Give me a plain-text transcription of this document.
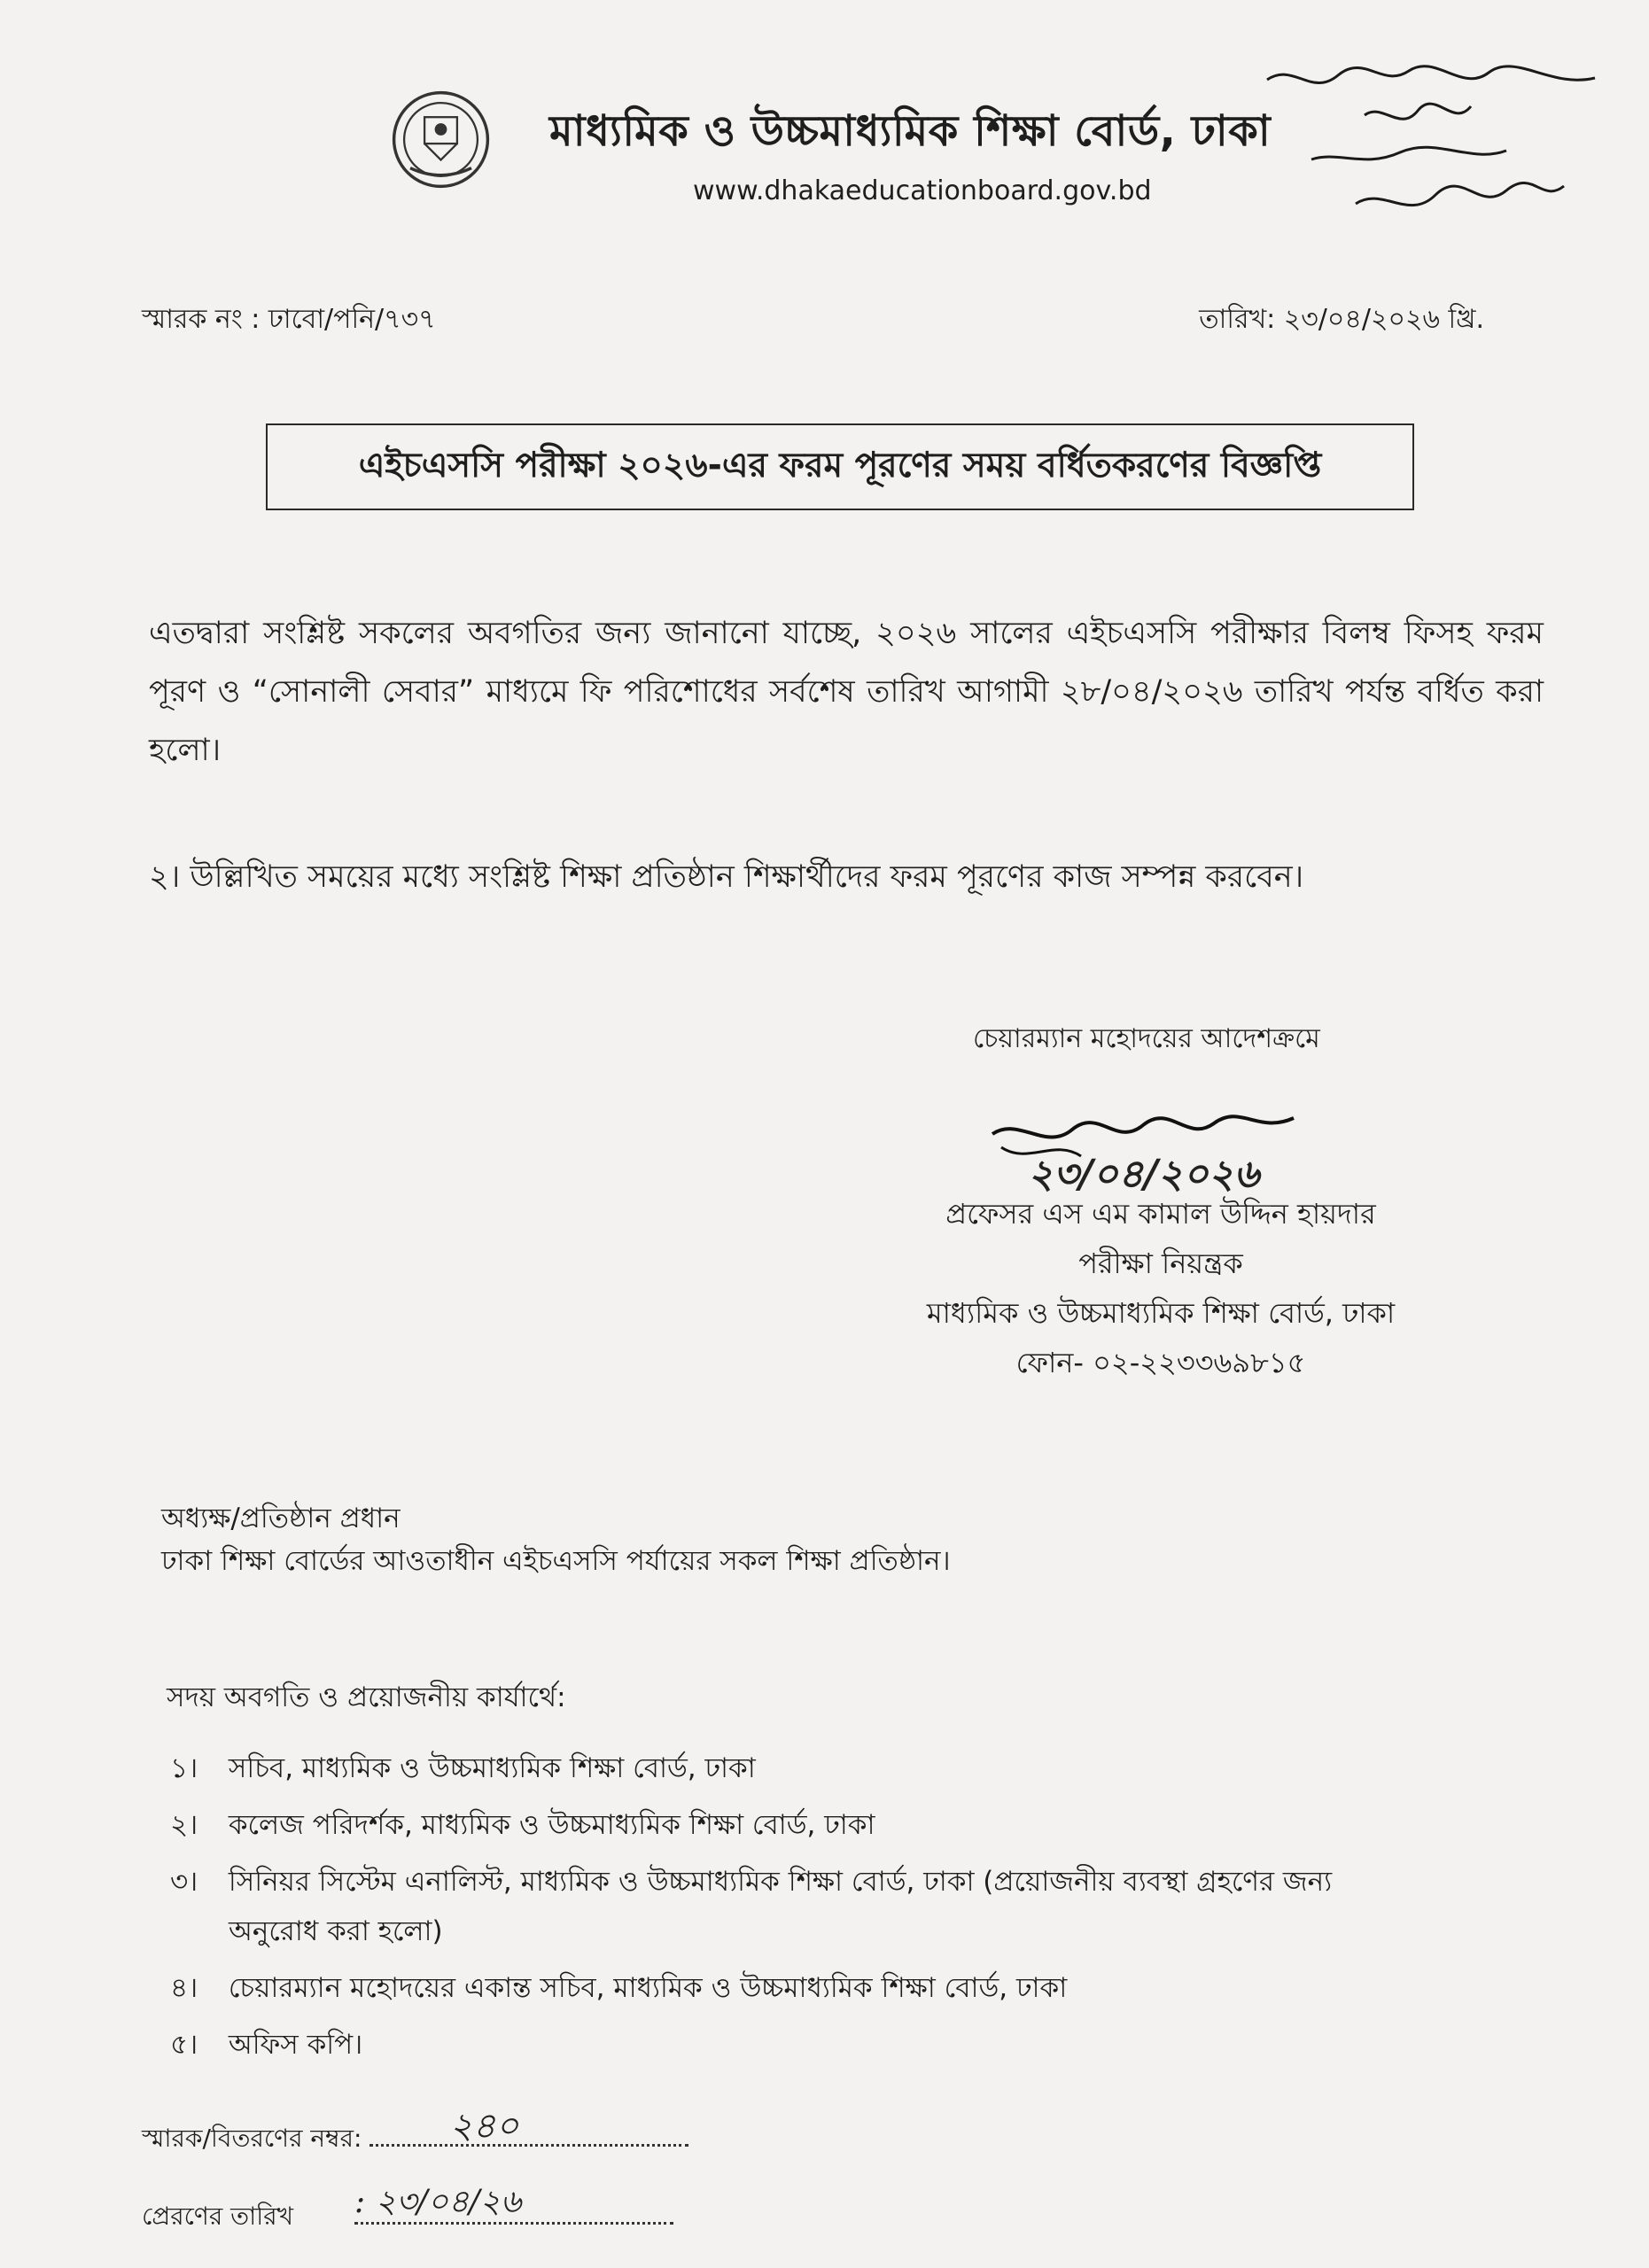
মাধ্যমিক ও উচ্চমাধ্যমিক শিক্ষা বোর্ড, ঢাকা
www.dhakaeducationboard.gov.bd
স্মারক নং : ঢাবো/পনি/৭৩৭	তারিখ: ২৩/০৪/২০২৬ খ্রি.
এইচএসসি পরীক্ষা ২০২৬-এর ফরম পূরণের সময় বর্ধিতকরণের বিজ্ঞপ্তি
এতদ্বারা সংশ্লিষ্ট সকলের অবগতির জন্য জানানো যাচ্ছে, ২০২৬ সালের এইচএসসি পরীক্ষার বিলম্ব ফিসহ ফরম পূরণ ও “সোনালী সেবার” মাধ্যমে ফি পরিশোধের সর্বশেষ তারিখ আগামী ২৮/০৪/২০২৬ তারিখ পর্যন্ত বর্ধিত করা হলো।
২। উল্লিখিত সময়ের মধ্যে সংশ্লিষ্ট শিক্ষা প্রতিষ্ঠান শিক্ষার্থীদের ফরম পূরণের কাজ সম্পন্ন করবেন।
চেয়ারম্যান মহোদয়ের আদেশক্রমে
২৩/০৪/২০২৬
প্রফেসর এস এম কামাল উদ্দিন হায়দার
পরীক্ষা নিয়ন্ত্রক
মাধ্যমিক ও উচ্চমাধ্যমিক শিক্ষা বোর্ড, ঢাকা
ফোন- ০২-২২৩৩৬৯৮১৫
অধ্যক্ষ/প্রতিষ্ঠান প্রধান
ঢাকা শিক্ষা বোর্ডের আওতাধীন এইচএসসি পর্যায়ের সকল শিক্ষা প্রতিষ্ঠান।
সদয় অবগতি ও প্রয়োজনীয় কার্যার্থে:
১। সচিব, মাধ্যমিক ও উচ্চমাধ্যমিক শিক্ষা বোর্ড, ঢাকা
২। কলেজ পরিদর্শক, মাধ্যমিক ও উচ্চমাধ্যমিক শিক্ষা বোর্ড, ঢাকা
৩। সিনিয়র সিস্টেম এনালিস্ট, মাধ্যমিক ও উচ্চমাধ্যমিক শিক্ষা বোর্ড, ঢাকা (প্রয়োজনীয় ব্যবস্থা গ্রহণের জন্য
অনুরোধ করা হলো)
৪। চেয়ারম্যান মহোদয়ের একান্ত সচিব, মাধ্যমিক ও উচ্চমাধ্যমিক শিক্ষা বোর্ড, ঢাকা
৫। অফিস কপি।
স্মারক/বিতরণের নম্বর: ২৪০
প্রেরণের তারিখ : ২৩/০৪/২৬
